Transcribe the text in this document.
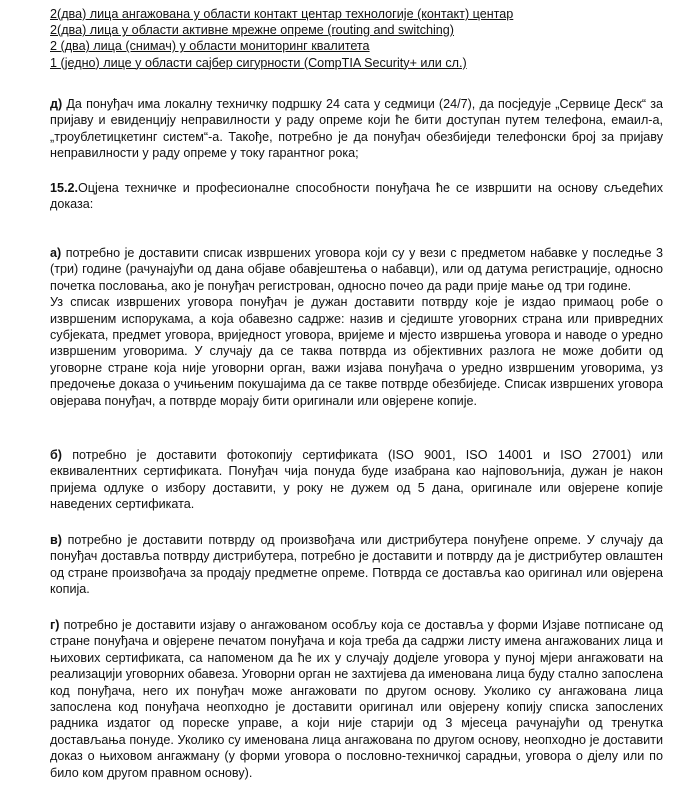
2(два) лица ангажована у области контакт центар технологије (контакт) центар
2(два) лица у области активне мрежне опреме (routing and switching)
2 (два) лица (снимач) у области мониторинг квалитета
1 (једно) лице у области сајбер сигурности (CompTIA Security+ или сл.)

д) Да понуђач има локалну техничку подршку 24 сата у седмици (24/7), да посједује „Сервице Деск“ за пријаву и евиденцију неправилности у раду опреме који ће бити доступан путем телефона, емаил-а, „троублетицкетинг систем“-а. Такође, потребно је да понуђач обезбиједи телефонски број за пријаву неправилности у раду опреме у току гарантног рока;

15.2.Оцјена техничке и професионалне способности понуђача ће се извршити на основу сљедећих доказа:

а) потребно је доставити списак извршених уговора који су у вези с предметом набавке у последње 3 (три) године (рачунајући од дана објаве обавјештења о набавци), или од датума регистрације, односно почетка пословања, ако је понуђач регистрован, односно почео да ради прије мање од три године.

Уз списак извршених уговора понуђач је дужан доставити потврду које је издао примаоц робе о извршеним испорукама, а која обавезно садрже: назив и сједиште уговорних страна или привредних субјеката, предмет уговора, вриједност уговора, вријеме и мјесто извршења уговора и наводе о уредно извршеним уговорима. У случају да се таква потврда из објективних разлога не може добити од уговорне стране која није уговорни орган, важи изјава понуђача о уредно извршеним уговорима, уз предочење доказа о учињеним покушајима да се такве потврде обезбиједе. Списак извршених уговора овјерава понуђач, а потврде морају бити оригинали или овјерене копије.

б) потребно је доставити фотокопију сертификата (ISO 9001, ISO 14001 и ISO 27001) или еквивалентних сертификата. Понуђач чија понуда буде изабрана као најповољнија, дужан је након пријема одлуке о избору доставити, у року не дужем од 5 дана, оригинале или овјерене копије наведених сертификата.

в) потребно је доставити потврду од произвођача или дистрибутера понуђене опреме. У случају да понуђач доставља потврду дистрибутера, потребно је доставити и потврду да је дистрибутер овлаштен од стране произвођача за продају предметне опреме. Потврда се доставља као оригинал или овјерена копија.

г) потребно је доставити изјаву о ангажованом особљу која се доставља у форми Изјаве потписане од стране понуђача и овјерене печатом понуђача и која треба да садржи листу имена ангажованих лица и њихових сертификата, са напоменом да ће их у случају додјеле уговора у пуној мјери ангажовати на реализацији уговорних обавеза. Уговорни орган не захтијева да именована лица буду стално запослена код понуђача, него их понуђач може ангажовати по другом основу. Уколико су ангажована лица запослена код понуђача неопходно је доставити оригинал или овјерену копију списка запослених радника издатог од пореске управе, а који није старији од 3 мјесеца рачунајући од тренутка достављања понуде. Уколико су именована лица ангажована по другом основу, неопходно је доставити доказ о њиховом ангажману (у форми уговора о пословно-техничкој сарадњи, уговора о дјелу или по било ком другом правном основу).
